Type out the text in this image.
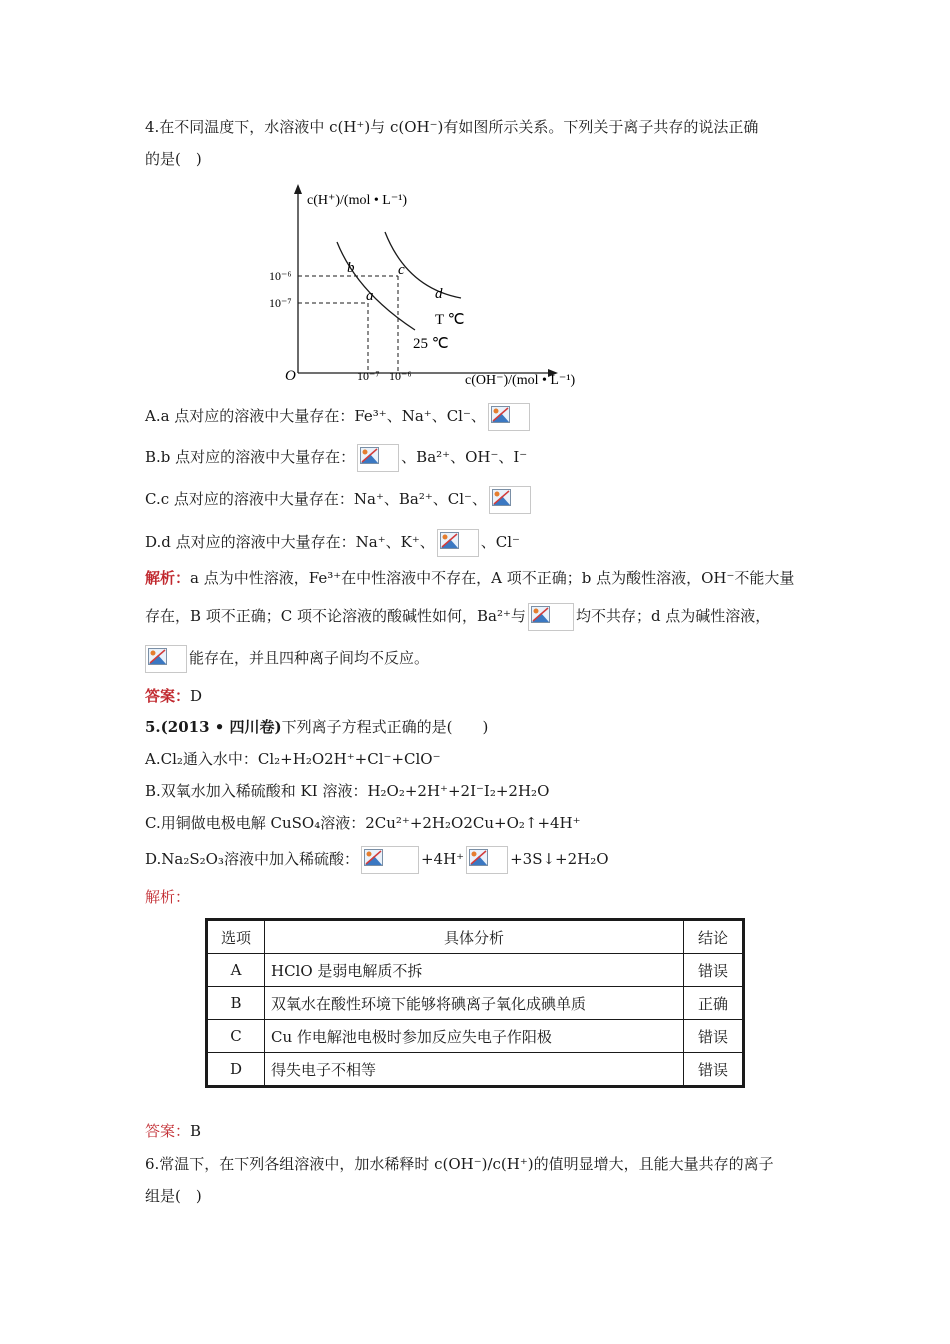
4.在不同温度下，水溶液中 c(H⁺)与 c(OH⁻)有如图所示关系。下列关于离子共存的说法正确
的是(　)
c(H⁺)/(mol • L⁻¹)
c(OH⁻)/(mol • L⁻¹)
O
10⁻⁶
10⁻⁷
10⁻⁷ 10⁻⁶
a
b	c
d
T ℃
25 ℃
A.a 点对应的溶液中大量存在：Fe³⁺、Na⁺、Cl⁻、
B.b 点对应的溶液中大量存在：	、Ba²⁺、OH⁻、I⁻
C.c 点对应的溶液中大量存在：Na⁺、Ba²⁺、Cl⁻、
D.d 点对应的溶液中大量存在：Na⁺、K⁺、	、Cl⁻
解析：a 点为中性溶液，Fe³⁺在中性溶液中不存在，A 项不正确；b 点为酸性溶液，OH⁻不能大量
存在，B 项不正确；C 项不论溶液的酸碱性如何，Ba²⁺与	均不共存；d 点为碱性溶液，
能存在，并且四种离子间均不反应。
答案：D
5.(2013 • 四川卷)下列离子方程式正确的是(　　)
A.Cl₂通入水中：Cl₂+H₂O2H⁺+Cl⁻+ClO⁻
B.双氧水加入稀硫酸和 KI 溶液：H₂O₂+2H⁺+2I⁻I₂+2H₂O
C.用铜做电极电解 CuSO₄溶液：2Cu²⁺+2H₂O2Cu+O₂↑+4H⁺
D.Na₂S₂O₃溶液中加入稀硫酸：	+4H⁺	+3S↓+2H₂O
解析：
选项	具体分析	结论
A	HClO 是弱电解质不拆	错误
B	双氧水在酸性环境下能够将碘离子氧化成碘单质	正确
C	Cu 作电解池电极时参加反应失电子作阳极	错误
D	得失电子不相等	错误
答案：B
6.常温下，在下列各组溶液中，加水稀释时 c(OH⁻)/c(H⁺)的值明显增大，且能大量共存的离子
组是(　)
